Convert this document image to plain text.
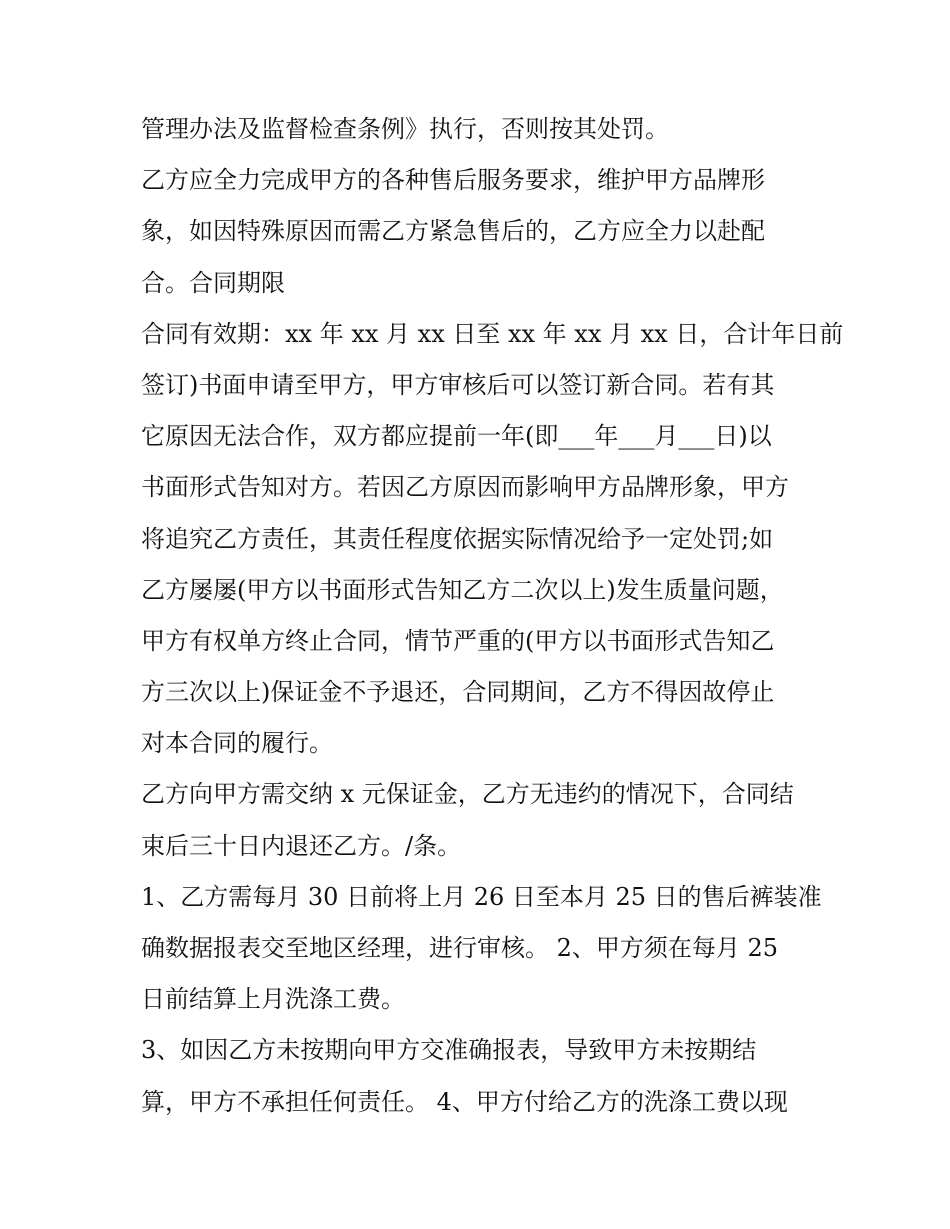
管理办法及监督检查条例》执行，否则按其处罚。
乙方应全力完成甲方的各种售后服务要求，维护甲方品牌形
象，如因特殊原因而需乙方紧急售后的，乙方应全力以赴配
合。合同期限
合同有效期：xx 年 xx 月 xx 日至 xx 年 xx 月 xx 日，合计年日前
签订)书面申请至甲方，甲方审核后可以签订新合同。若有其
它原因无法合作，双方都应提前一年(即___年___月___日)以
书面形式告知对方。若因乙方原因而影响甲方品牌形象，甲方
将追究乙方责任，其责任程度依据实际情况给予一定处罚;如
乙方屡屡(甲方以书面形式告知乙方二次以上)发生质量问题，
甲方有权单方终止合同，情节严重的(甲方以书面形式告知乙
方三次以上)保证金不予退还，合同期间，乙方不得因故停止
对本合同的履行。
乙方向甲方需交纳 x 元保证金，乙方无违约的情况下，合同结
束后三十日内退还乙方。/条。
1、乙方需每月 30 日前将上月 26 日至本月 25 日的售后裤装准
确数据报表交至地区经理，进行审核。 2、甲方须在每月 25
日前结算上月洗涤工费。
3、如因乙方未按期向甲方交准确报表，导致甲方未按期结
算，甲方不承担任何责任。 4、甲方付给乙方的洗涤工费以现
